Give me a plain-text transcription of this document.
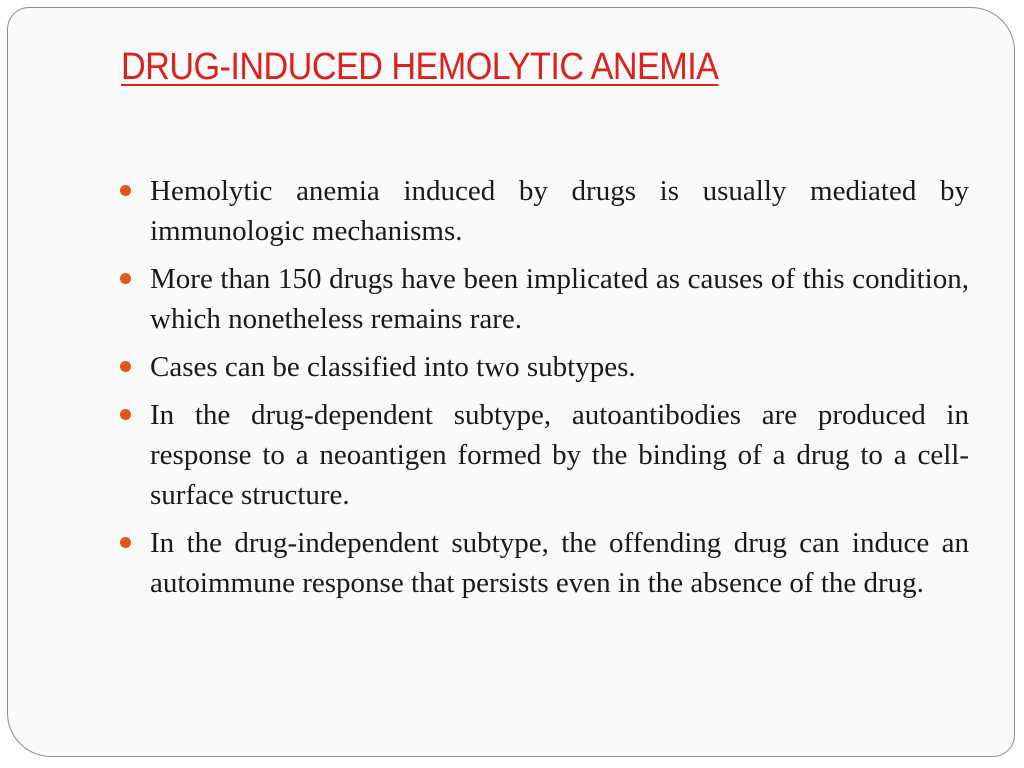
DRUG-INDUCED HEMOLYTIC ANEMIA
Hemolytic anemia induced by drugs is usually mediated by immunologic mechanisms.
More than 150 drugs have been implicated as causes of this condition, which nonetheless remains rare.
Cases can be classified into two subtypes.
In the drug-dependent subtype, autoantibodies are produced in response to a neoantigen formed by the binding of a drug to a cell-surface structure.
In the drug-independent subtype, the offending drug can induce an autoimmune response that persists even in the absence of the drug.
